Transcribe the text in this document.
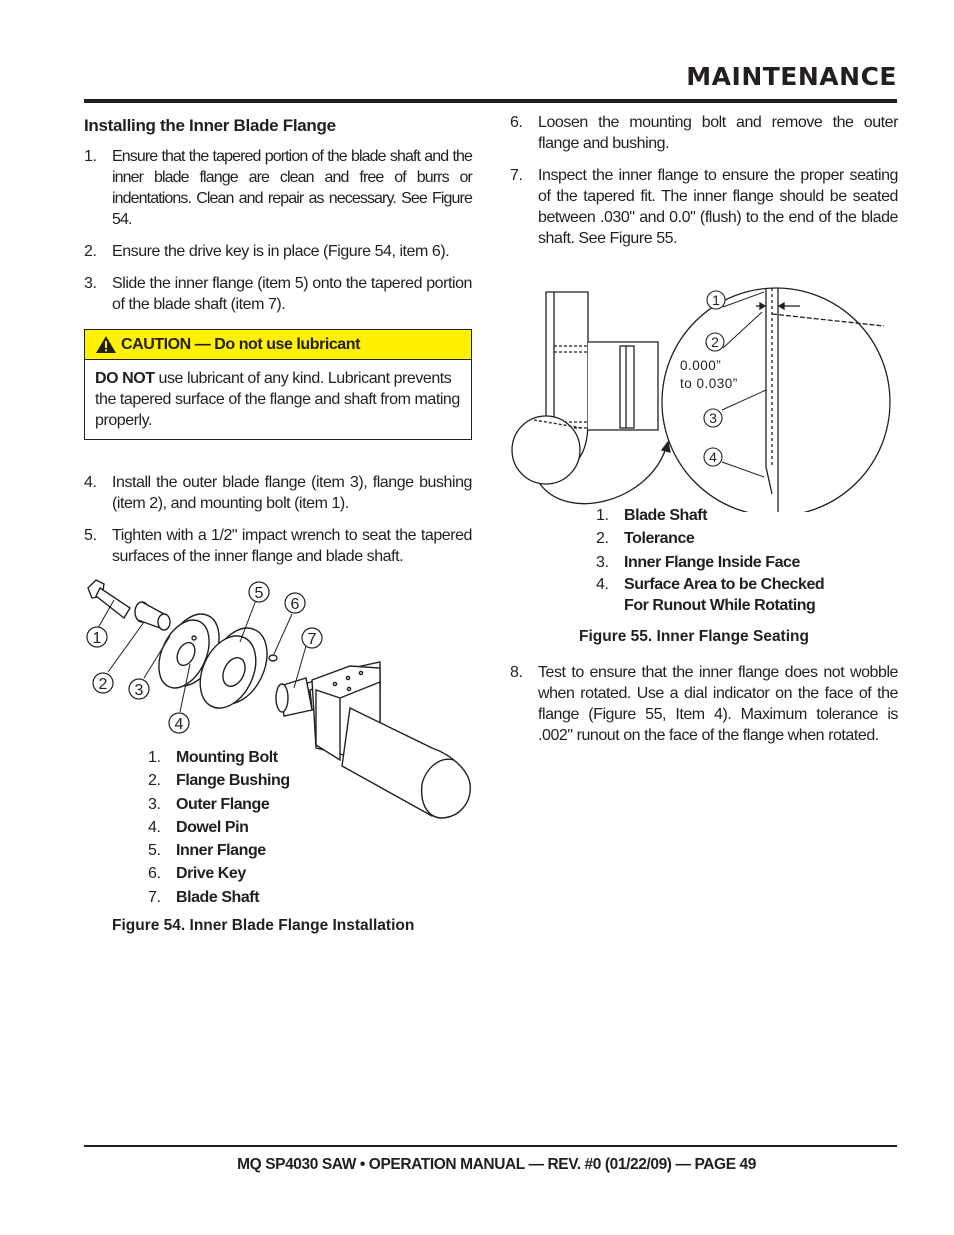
MAINTENANCE
Installing the Inner Blade Flange
1. Ensure that the tapered portion of the blade shaft and the inner blade flange are clean and free of burrs or indentations. Clean and repair as necessary. See Figure 54.
2. Ensure the drive key is in place (Figure 54, item 6).
3. Slide the inner flange (item 5) onto the tapered portion of the blade shaft (item 7).
CAUTION — Do not use lubricant
DO NOT use lubricant of any kind. Lubricant prevents the tapered surface of the flange and shaft from mating properly.
4. Install the outer blade flange (item 3), flange bushing (item 2), and mounting bolt (item 1).
5. Tighten with a 1/2" impact wrench to seat the tapered surfaces of the inner flange and blade shaft.
1
2 3
4
5
6
7
1. Mounting Bolt
2. Flange Bushing
3. Outer Flange
4. Dowel Pin
5. Inner Flange
6. Drive Key
7. Blade Shaft
Figure 54. Inner Blade Flange Installation
6. Loosen the mounting bolt and remove the outer flange and bushing.
7. Inspect the inner flange to ensure the proper seating of the tapered fit. The inner flange should be seated between .030" and 0.0" (flush) to the end of the blade shaft. See Figure 55.
1
2
3
4
0.000”
to 0.030”
1. Blade Shaft
2. Tolerance
3. Inner Flange Inside Face
4. Surface Area to be Checked
For Runout While Rotating
Figure 55. Inner Flange Seating
8. Test to ensure that the inner flange does not wobble when rotated. Use a dial indicator on the face of the flange (Figure 55, Item 4). Maximum tolerance is .002" runout on the face of the flange when rotated.
MQ SP4030 SAW • OPERATION MANUAL — REV. #0 (01/22/09) — PAGE 49
